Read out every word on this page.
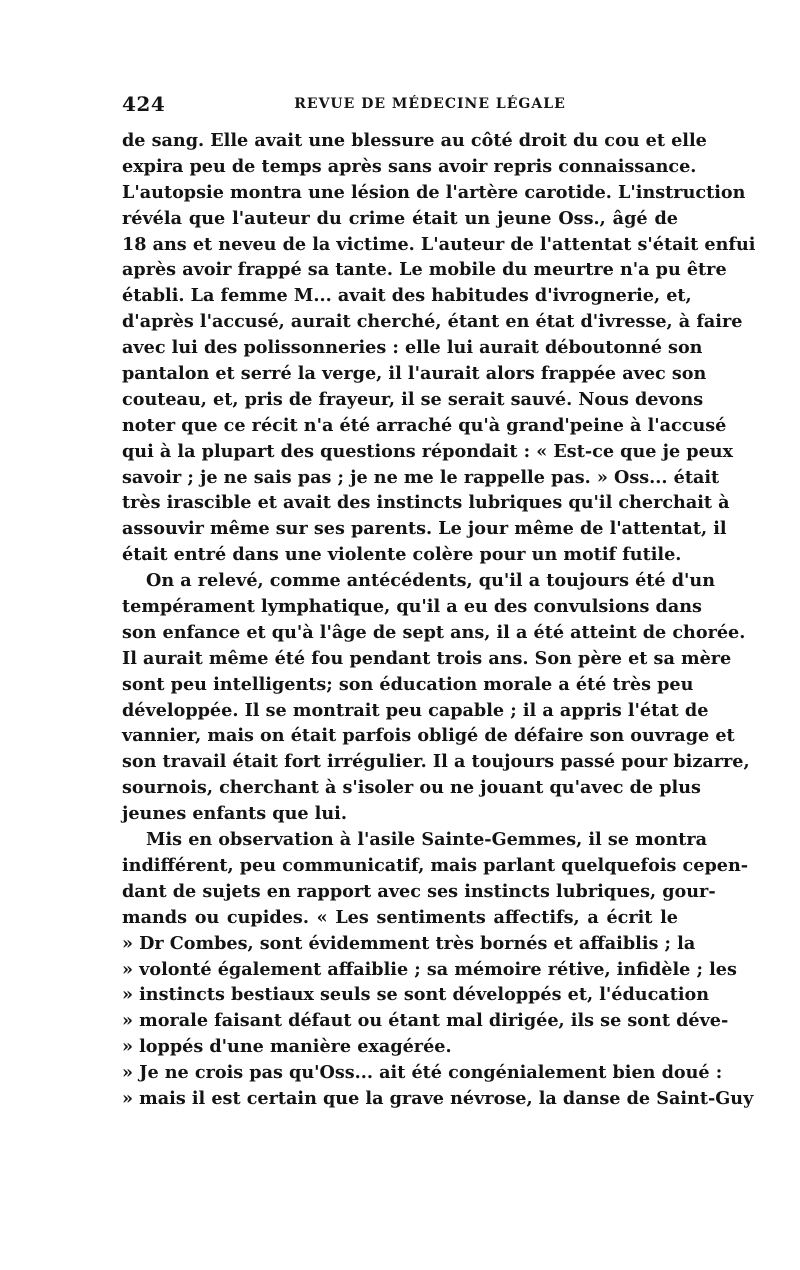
424	REVUE DE MÉDECINE LÉGALE
de sang. Elle avait une blessure au côté droit du cou et elle
expira peu de temps après sans avoir repris connaissance.
L'autopsie montra une lésion de l'artère carotide. L'instruction
révéla que l'auteur du crime était un jeune Oss., âgé de
18 ans et neveu de la victime. L'auteur de l'attentat s'était enfui
après avoir frappé sa tante. Le mobile du meurtre n'a pu être
établi. La femme M... avait des habitudes d'ivrognerie, et,
d'après l'accusé, aurait cherché, étant en état d'ivresse, à faire
avec lui des polissonneries : elle lui aurait déboutonné son
pantalon et serré la verge, il l'aurait alors frappée avec son
couteau, et, pris de frayeur, il se serait sauvé. Nous devons
noter que ce récit n'a été arraché qu'à grand'peine à l'accusé
qui à la plupart des questions répondait : « Est-ce que je peux
savoir ; je ne sais pas ; je ne me le rappelle pas. » Oss... était
très irascible et avait des instincts lubriques qu'il cherchait à
assouvir même sur ses parents. Le jour même de l'attentat, il
était entré dans une violente colère pour un motif futile.
On a relevé, comme antécédents, qu'il a toujours été d'un
tempérament lymphatique, qu'il a eu des convulsions dans
son enfance et qu'à l'âge de sept ans, il a été atteint de chorée.
Il aurait même été fou pendant trois ans. Son père et sa mère
sont peu intelligents; son éducation morale a été très peu
développée. Il se montrait peu capable ; il a appris l'état de
vannier, mais on était parfois obligé de défaire son ouvrage et
son travail était fort irrégulier. Il a toujours passé pour bizarre,
sournois, cherchant à s'isoler ou ne jouant qu'avec de plus
jeunes enfants que lui.
Mis en observation à l'asile Sainte-Gemmes, il se montra
indifférent, peu communicatif, mais parlant quelquefois cepen-
dant de sujets en rapport avec ses instincts lubriques, gour-
mands ou cupides. « Les sentiments affectifs, a écrit le
» Dr Combes, sont évidemment très bornés et affaiblis ; la
» volonté également affaiblie ; sa mémoire rétive, infidèle ; les
» instincts bestiaux seuls se sont développés et, l'éducation
» morale faisant défaut ou étant mal dirigée, ils se sont déve-
» loppés d'une manière exagérée.
» Je ne crois pas qu'Oss... ait été congénialement bien doué :
» mais il est certain que la grave névrose, la danse de Saint-Guy
